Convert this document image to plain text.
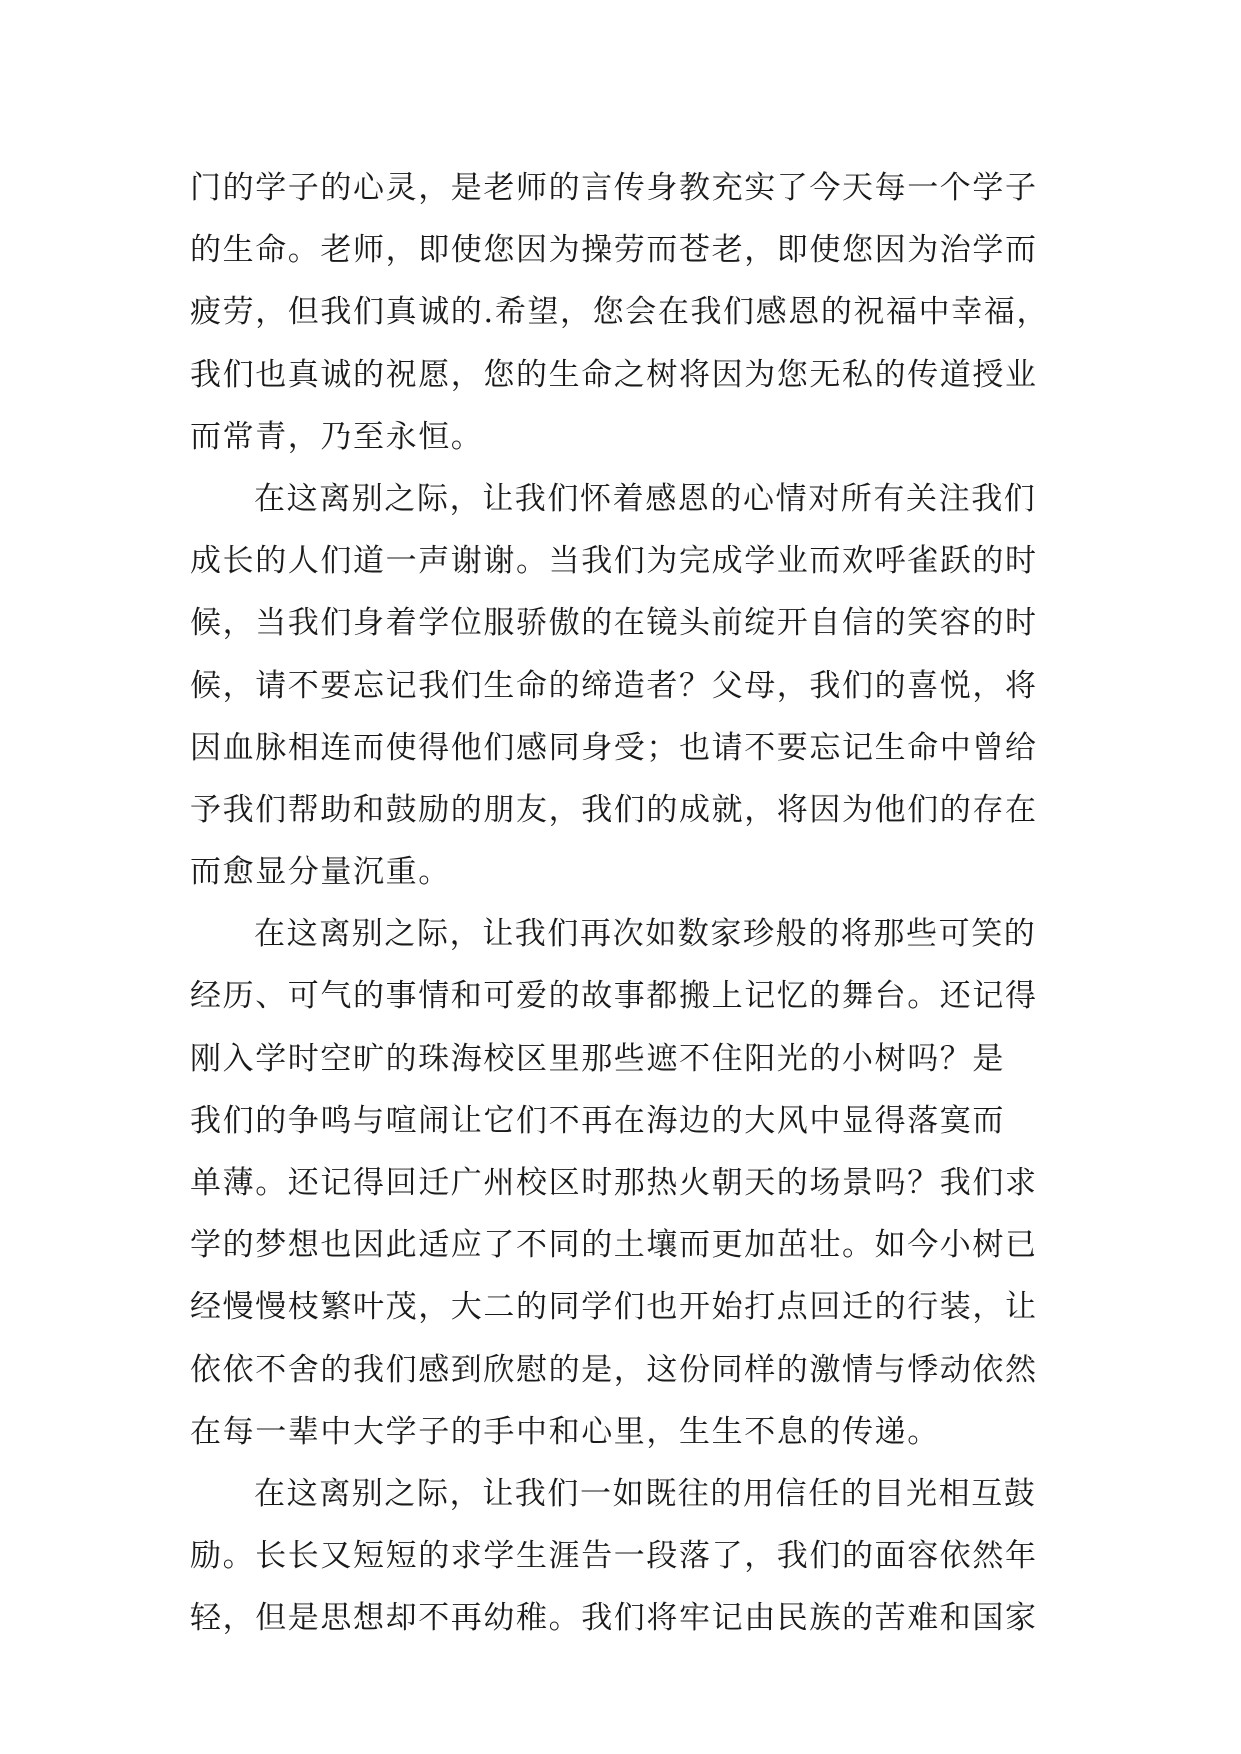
门的学子的心灵，是老师的言传身教充实了今天每一个学子
的生命。老师，即使您因为操劳而苍老，即使您因为治学而
疲劳，但我们真诚的.希望，您会在我们感恩的祝福中幸福，
我们也真诚的祝愿，您的生命之树将因为您无私的传道授业
而常青，乃至永恒。
在这离别之际，让我们怀着感恩的心情对所有关注我们
成长的人们道一声谢谢。当我们为完成学业而欢呼雀跃的时
候，当我们身着学位服骄傲的在镜头前绽开自信的笑容的时
候，请不要忘记我们生命的缔造者？父母，我们的喜悦，将
因血脉相连而使得他们感同身受；也请不要忘记生命中曾给
予我们帮助和鼓励的朋友，我们的成就，将因为他们的存在
而愈显分量沉重。
在这离别之际，让我们再次如数家珍般的将那些可笑的
经历、可气的事情和可爱的故事都搬上记忆的舞台。还记得
刚入学时空旷的珠海校区里那些遮不住阳光的小树吗？是
我们的争鸣与喧闹让它们不再在海边的大风中显得落寞而
单薄。还记得回迁广州校区时那热火朝天的场景吗？我们求
学的梦想也因此适应了不同的土壤而更加茁壮。如今小树已
经慢慢枝繁叶茂，大二的同学们也开始打点回迁的行装，让
依依不舍的我们感到欣慰的是，这份同样的激情与悸动依然
在每一辈中大学子的手中和心里，生生不息的传递。
在这离别之际，让我们一如既往的用信任的目光相互鼓
励。长长又短短的求学生涯告一段落了，我们的面容依然年
轻，但是思想却不再幼稚。我们将牢记由民族的苦难和国家
